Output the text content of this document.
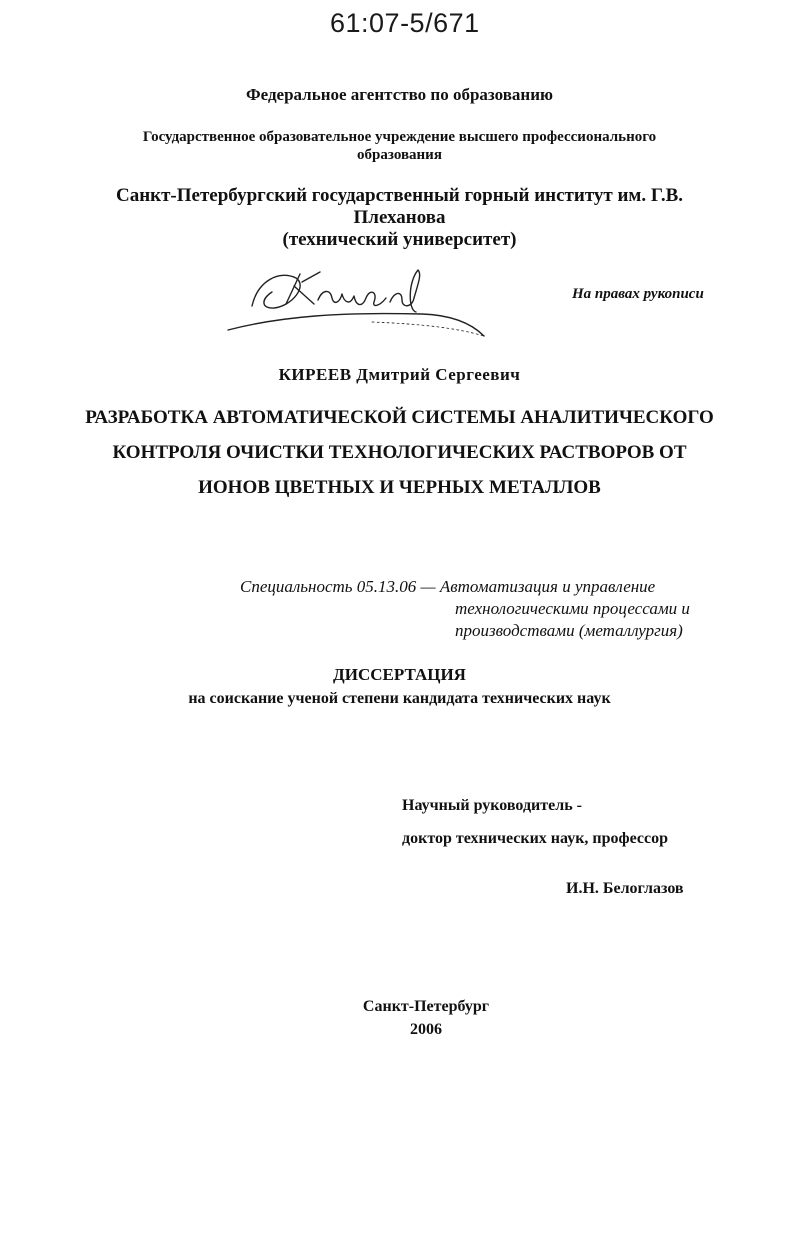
61:07-5/671
Федеральное агентство по образованию
Государственное образовательное учреждение высшего профессионального
образования
Санкт-Петербургский государственный горный институт им. Г.В.
Плеханова
(технический университет)
На правах рукописи
КИРЕЕВ Дмитрий Сергеевич
РАЗРАБОТКА АВТОМАТИЧЕСКОЙ СИСТЕМЫ АНАЛИТИЧЕСКОГО
КОНТРОЛЯ ОЧИСТКИ ТЕХНОЛОГИЧЕСКИХ РАСТВОРОВ ОТ
ИОНОВ ЦВЕТНЫХ И ЧЕРНЫХ МЕТАЛЛОВ
Специальность 05.13.06 — Автоматизация и управление
технологическими процессами и
производствами (металлургия)
ДИССЕРТАЦИЯ
на соискание ученой степени кандидата технических наук
Научный руководитель -
доктор технических наук, профессор
И.Н. Белоглазов
Санкт-Петербург
2006
